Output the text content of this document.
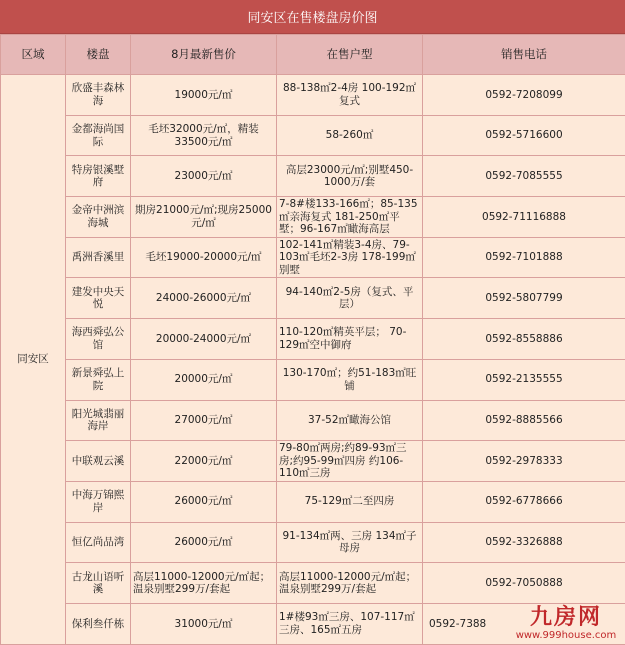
同安区在售楼盘房价图
区域	楼盘	8月最新售价	在售户型	销售电话
同安区	欣盛丰森林海	19000元/㎡	88-138㎡2-4房 100-192㎡复式	0592-7208099
	金都海尚国际	毛坯32000元/㎡，精装33500元/㎡	58-260㎡	0592-5716600
	特房银溪墅府	23000元/㎡	高层23000元/㎡;别墅450-1000万/套	0592-7085555
	金帝中洲滨海城	期房21000元/㎡;现房25000元/㎡	7-8#楼133-166㎡；85-135㎡亲海复式 181-250㎡平墅；96-167㎡瞰海高层	0592-71116888
	禹洲香溪里	毛坯19000-20000元/㎡	102-141㎡精装3-4房、79-103㎡毛坯2-3房 178-199㎡别墅	0592-7101888
	建发中央天悦	24000-26000元/㎡	94-140㎡2-5房（复式、平层）	0592-5807799
	海西舜弘公馆	20000-24000元/㎡	110-120㎡精英平层； 70-129㎡空中御府	0592-8558886
	新景舜弘上院	20000元/㎡	130-170㎡；约51-183㎡旺铺	0592-2135555
	阳光城翡丽海岸	27000元/㎡	37-52㎡瞰海公馆	0592-8885566
	中联观云溪	22000元/㎡	79-80㎡两房;约89-93㎡三房;约95-99㎡四房 约106-110㎡三房	0592-2978333
	中海万锦熙岸	26000元/㎡	75-129㎡二至四房	0592-6778666
	恒亿尚品湾	26000元/㎡	91-134㎡两、三房 134㎡子母房	0592-3326888
	古龙山语听溪	高层11000-12000元/㎡起；温泉别墅299万/套起	高层11000-12000元/㎡起；温泉别墅299万/套起	0592-7050888
	保利叁仟栋	31000元/㎡	1#楼93㎡三房、107-117㎡三房、165㎡五房	0592-7388 九房网
www.999house.com
